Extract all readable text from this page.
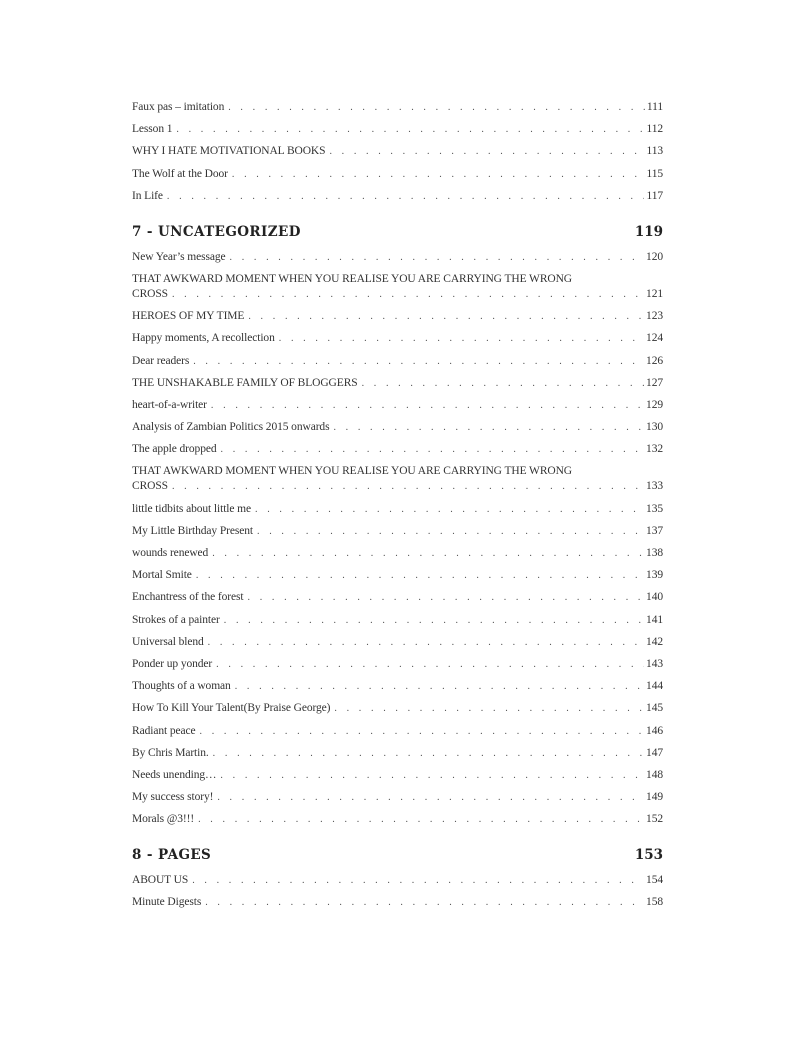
Faux pas – imitation . . .	111
Lesson 1 . . .	112
WHY I HATE MOTIVATIONAL BOOKS . . .	113
The Wolf at the Door . . .	115
In Life . . .	117
7 - UNCATEGORIZED	119
New Year’s message . . .	120
THAT AWKWARD MOMENT WHEN YOU REALISE YOU ARE CARRYING THE WRONG
CROSS . . .	121
HEROES OF MY TIME . . .	123
Happy moments, A recollection . . .	124
Dear readers . . .	126
THE UNSHAKABLE FAMILY OF BLOGGERS . . .	127
heart-of-a-writer . . .	129
Analysis of Zambian Politics 2015 onwards . . .	130
The apple dropped . . .	132
THAT AWKWARD MOMENT WHEN YOU REALISE YOU ARE CARRYING THE WRONG
CROSS . . .	133
little tidbits about little me . . .	135
My Little Birthday Present . . .	137
wounds renewed . . .	138
Mortal Smite . . .	139
Enchantress of the forest . . .	140
Strokes of a painter . . .	141
Universal blend . . .	142
Ponder up yonder . . .	143
Thoughts of a woman . . .	144
How To Kill Your Talent(By Praise George) . . .	145
Radiant peace . . .	146
By Chris Martin. . . .	147
Needs unending… . . .	148
My success story! . . .	149
Morals @3!!! . . .	152
8 - PAGES	153
ABOUT US . . .	154
Minute Digests . . .	158
